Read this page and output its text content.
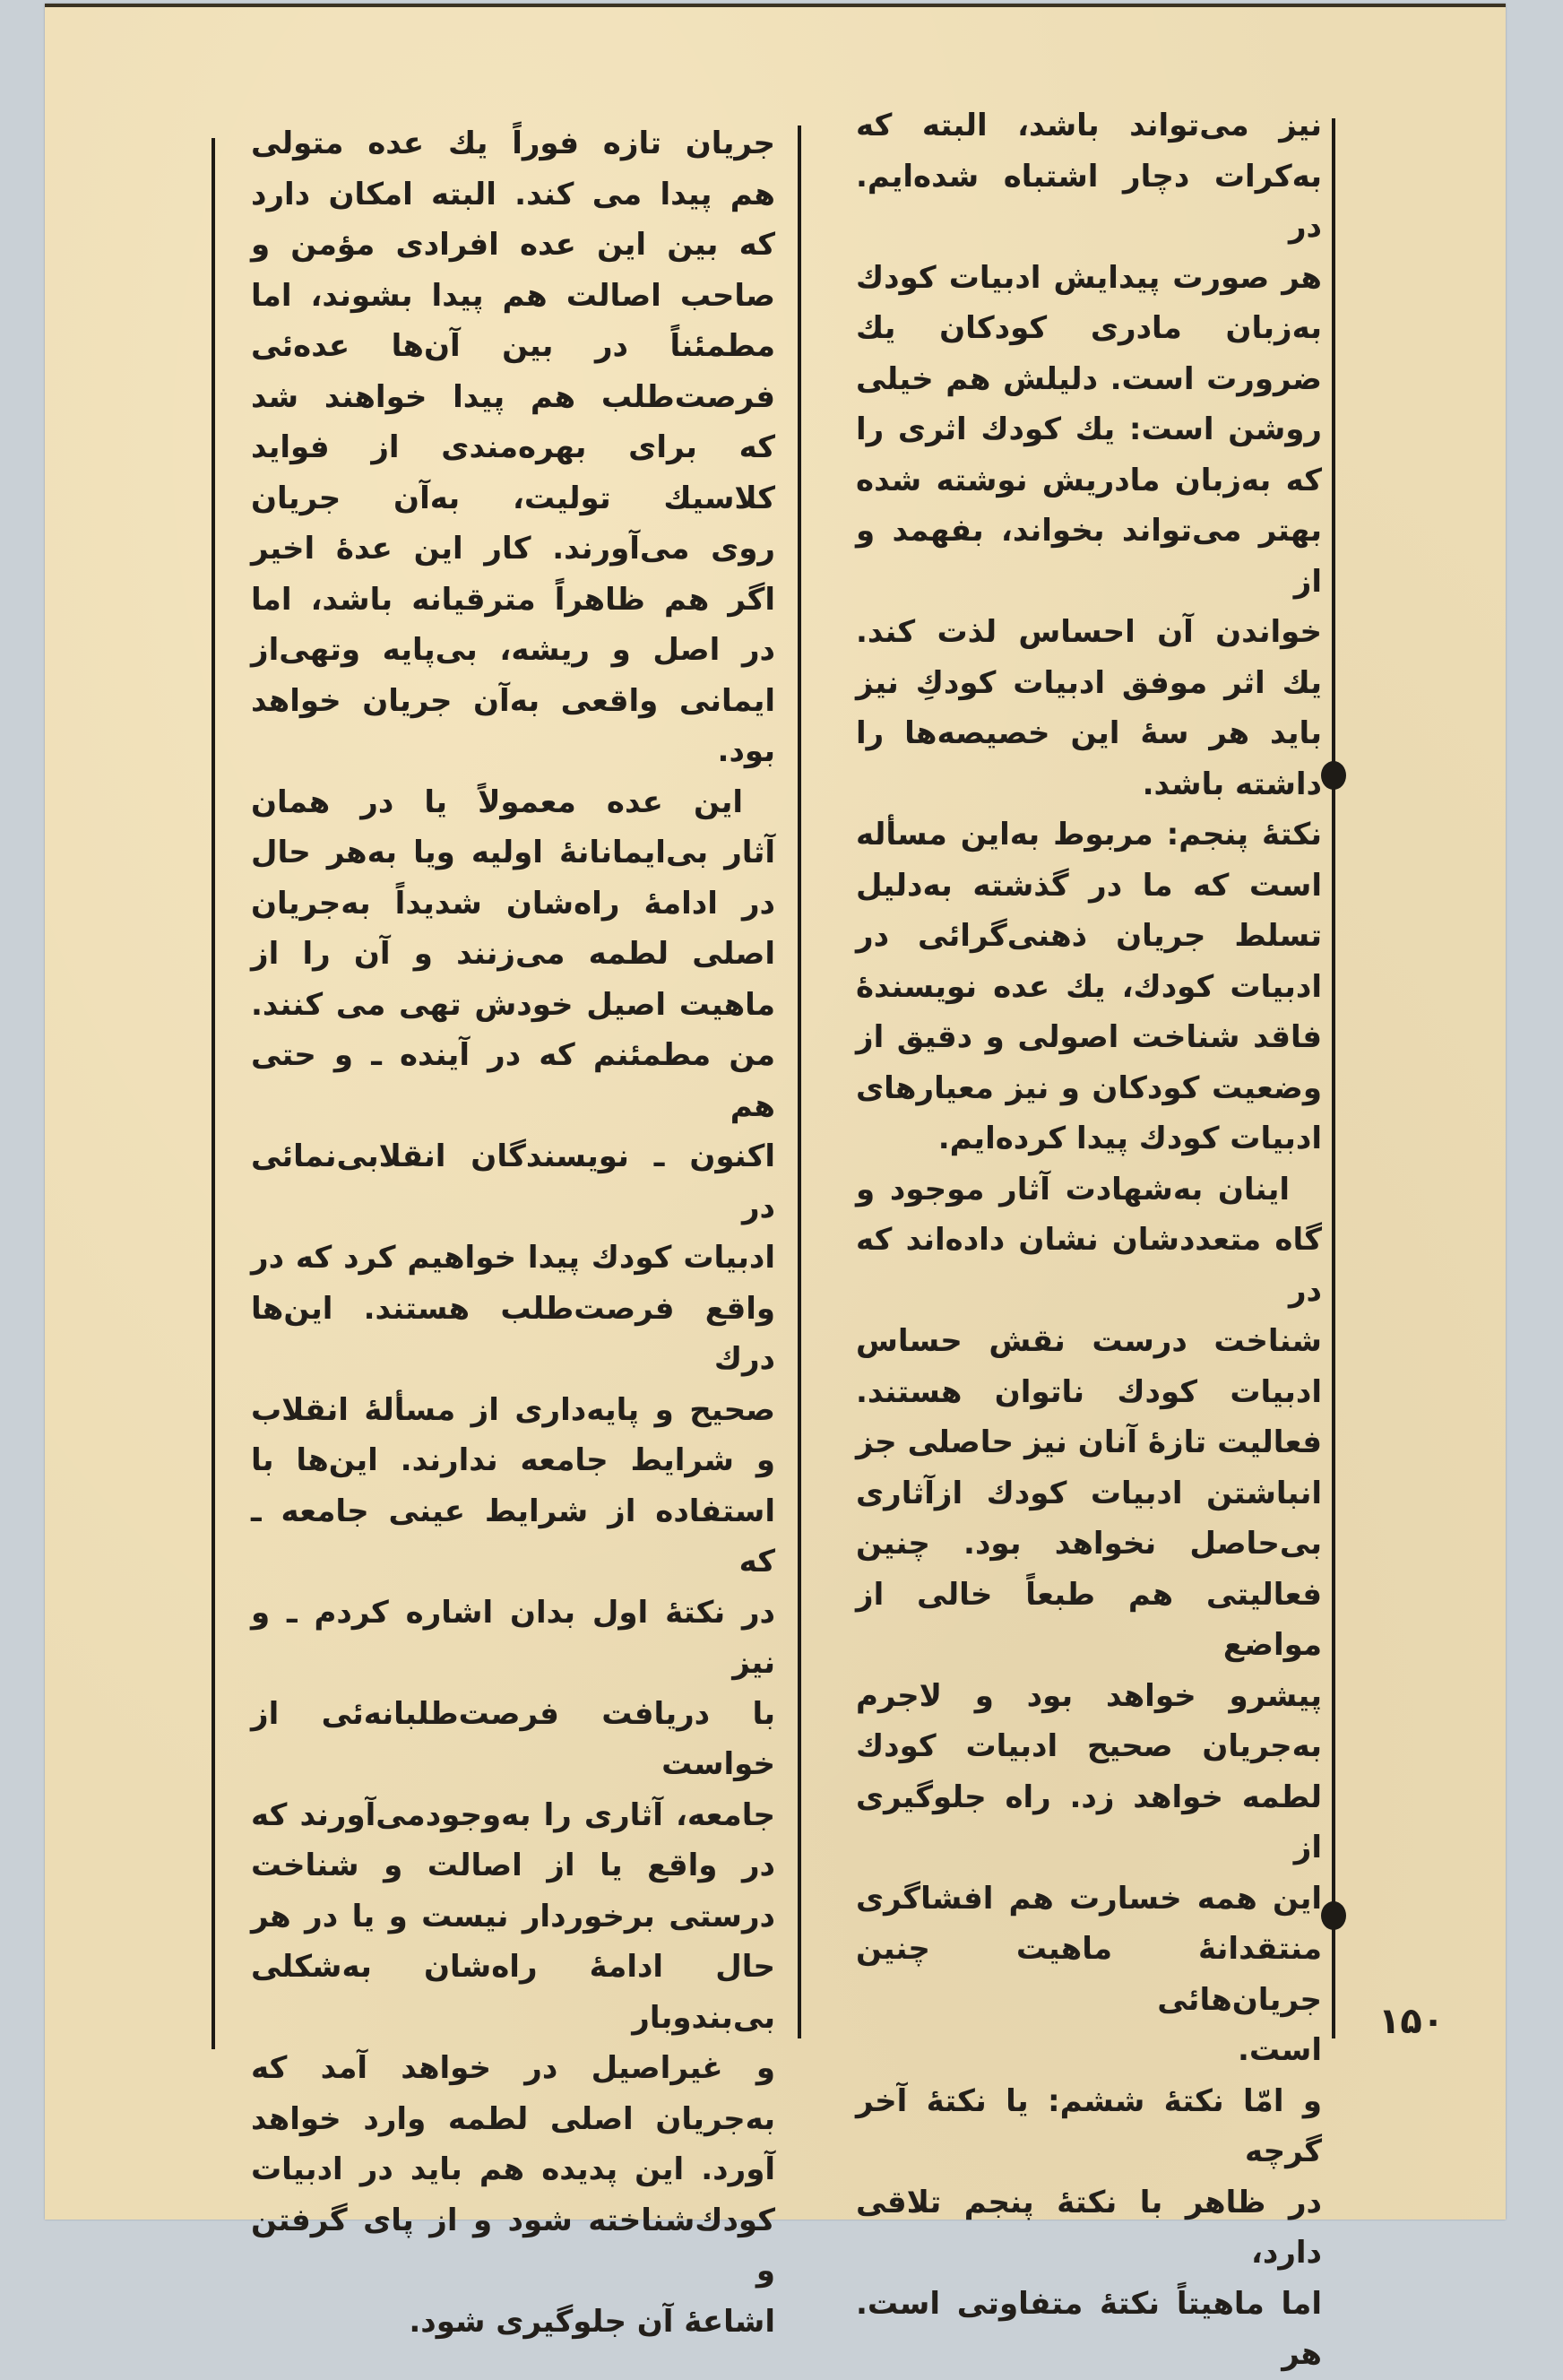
نیز می‌تواند باشد، البته که
به‌کرات دچار اشتباه شده‌ایم. در
هر صورت پیدایش ادبیات کودك
به‌زبان مادری کودکان یك
ضرورت است. دلیلش هم خیلی
روشن است: یك کودك اثری را
که به‌زبان مادریش نوشته شده
بهتر می‌تواند بخواند، بفهمد و از
خواندن آن احساس لذت کند.
یك اثر موفق ادبیات کودكِ نیز
باید هر سهٔ این خصیصه‌ها را
داشته باشد.

نکتهٔ پنجم: مربوط به‌این مسأله
است که ما در گذشته به‌دلیل
تسلط جریان ذهنی‌گرائی در
ادبیات کودك، یك عده نویسندهٔ
فاقد شناخت اصولی و دقیق از
وضعیت کودکان و نیز معیارهای
ادبیات کودك پیدا کرده‌ایم.

اینان به‌شهادت آثار موجود و
گاه متعددشان نشان داده‌اند که در
شناخت درست نقش حساس
ادبیات کودك ناتوان هستند.
فعالیت تازهٔ آنان نیز حاصلی جز
انباشتن ادبیات کودك ازآثاری
بی‌حاصل نخواهد بود. چنین
فعالیتی هم طبعاً خالی از مواضع
پیشرو خواهد بود و لاجرم
به‌جریان صحیح ادبیات کودك
لطمه خواهد زد. راه جلوگیری از
این همه خسارت هم افشاگری
منتقدانهٔ ماهیت چنین جریان‌هائی
است.

و امّا نکتهٔ ششم: یا نکتهٔ آخر گرچه
در ظاهر با نکتهٔ پنجم تلاقی دارد،
اما ماهیتاً نکتهٔ متفاوتی است. هر

جریان تازه فوراً یك عده متولی
هم پیدا می کند. البته امکان دارد
که بین این عده افرادی مؤمن و
صاحب اصالت هم پیدا بشوند، اما
مطمئناً در بین آن‌ها عده‌ئی
فرصت‌طلب هم پیدا خواهند شد
که برای بهره‌مندی از فواید
کلاسیك تولیت، به‌آن جریان
روی می‌آورند. کار این عدهٔ اخیر
اگر هم ظاهراً مترقیانه باشد، اما
در اصل و ریشه، بی‌پایه وتهی‌از
ایمانی واقعی به‌آن جریان خواهد
بود.

این عده معمولاً یا در همان
آثار بی‌ایمانانهٔ اولیه ویا به‌هر حال
در ادامهٔ راه‌شان شدیداً به‌جریان
اصلی لطمه می‌زنند و آن را از
ماهیت اصیل خودش تهی می کنند.
من مطمئنم که در آینده ـ و حتی هم
اکنون ـ نویسندگان انقلابی‌نمائی در
ادبیات کودك پیدا خواهیم کرد که در
واقع فرصت‌طلب هستند. این‌ها درك
صحیح و پایه‌داری از مسألهٔ انقلاب
و شرایط جامعه ندارند. این‌ها با
استفاده از شرایط عینی جامعه ـ که
در نکتهٔ اول بدان اشاره کردم ـ و نیز
با دریافت فرصت‌طلبانه‌ئی از خواست
جامعه، آثاری را به‌وجودمی‌آورند که
در واقع یا از اصالت و شناخت
درستی برخوردار نیست و یا در هر
حال ادامهٔ راه‌شان به‌شکلی بی‌بندوبار
و غیراصیل در خواهد آمد که
به‌جریان اصلی لطمه وارد خواهد
آورد. این پدیده هم باید در ادبیات
کودك‌شناخته شود و از پای گرفتن و
اشاعهٔ آن جلوگیری شود.

۱۵۰
